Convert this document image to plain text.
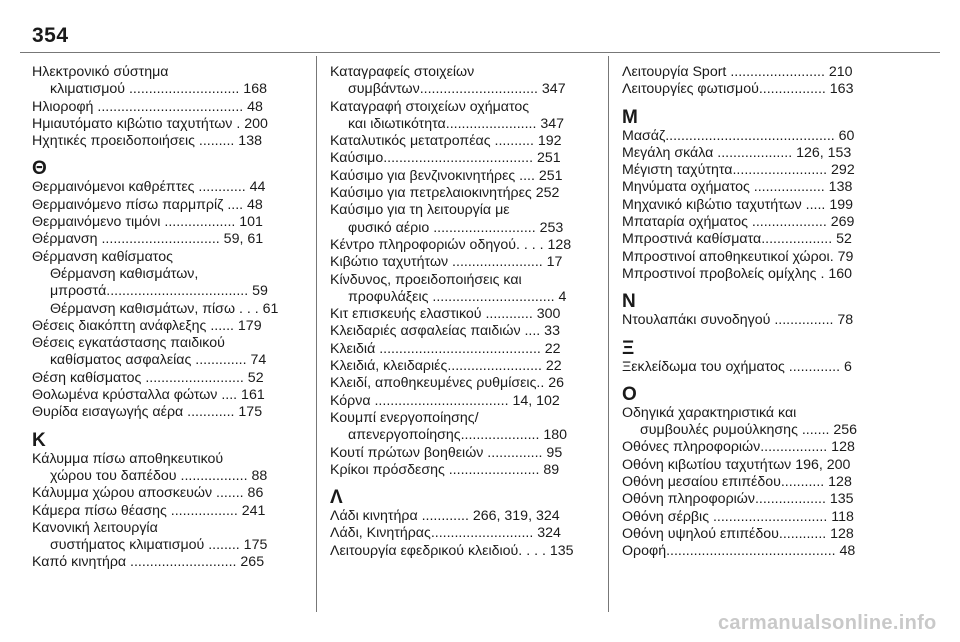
354
Ηλεκτρονικό σύστημα
κλιματισμού ............................ 168
Ηλιοροφή ..................................... 48
Ημιαυτόματο κιβώτιο ταχυτήτων . 200
Ηχητικές προειδοποιήσεις ......... 138
Θ
Θερμαινόμενοι καθρέπτες ............ 44
Θερμαινόμενο πίσω παρμπρίζ .... 48
Θερμαινόμενο τιμόνι .................. 101
Θέρμανση .............................. 59, 61
Θέρμανση καθίσματος
Θέρμανση καθισμάτων,
μπροστά.................................... 59
Θέρμανση καθισμάτων, πίσω . . . 61
Θέσεις διακόπτη ανάφλεξης ...... 179
Θέσεις εγκατάστασης παιδικού
καθίσματος ασφαλείας ............. 74
Θέση καθίσματος ......................... 52
Θολωμένα κρύσταλλα φώτων .... 161
Θυρίδα εισαγωγής αέρα ............ 175
Κ
Κάλυμμα πίσω αποθηκευτικού
χώρου του δαπέδου ................. 88
Κάλυμμα χώρου αποσκευών ....... 86
Κάμερα πίσω θέασης ................. 241
Κανονική λειτουργία
συστήματος κλιματισμού ........ 175
Καπό κινητήρα ........................... 265
Καταγραφείς στοιχείων
συμβάντων.............................. 347
Καταγραφή στοιχείων οχήματος
και ιδιωτικότητα....................... 347
Καταλυτικός μετατροπέας .......... 192
Καύσιμο...................................... 251
Καύσιμο για βενζινοκινητήρες .... 251
Καύσιμο για πετρελαιοκινητήρες 252
Καύσιμο για τη λειτουργία με
φυσικό αέριο .......................... 253
Κέντρο πληροφοριών οδηγού. . . . 128
Κιβώτιο ταχυτήτων ....................... 17
Κίνδυνος, προειδοποιήσεις και
προφυλάξεις ............................... 4
Κιτ επισκευής ελαστικού ............ 300
Κλειδαριές ασφαλείας παιδιών .... 33
Κλειδιά ......................................... 22
Κλειδιά, κλειδαριές........................ 22
Κλειδί, αποθηκευμένες ρυθμίσεις.. 26
Κόρνα .................................. 14, 102
Κουμπί ενεργοποίησης/
απενεργοποίησης.................... 180
Κουτί πρώτων βοηθειών .............. 95
Κρίκοι πρόσδεσης ....................... 89
Λ
Λάδι κινητήρα ............ 266, 319, 324
Λάδι, Κινητήρας.......................... 324
Λειτουργία εφεδρικού κλειδιού. . . . 135
Λειτουργία Sport ........................ 210
Λειτουργίες φωτισμού................. 163
Μ
Μασάζ........................................... 60
Μεγάλη σκάλα ................... 126, 153
Μέγιστη ταχύτητα........................ 292
Μηνύματα οχήματος .................. 138
Μηχανικό κιβώτιο ταχυτήτων ..... 199
Μπαταρία οχήματος ................... 269
Μπροστινά καθίσματα.................. 52
Μπροστινοί αποθηκευτικοί χώροι. 79
Μπροστινοί προβολείς ομίχλης . 160
Ν
Ντουλαπάκι συνοδηγού ............... 78
Ξ
Ξεκλείδωμα του οχήματος ............. 6
Ο
Οδηγικά χαρακτηριστικά και
συμβουλές ρυμούλκησης ....... 256
Οθόνες πληροφοριών................. 128
Οθόνη κιβωτίου ταχυτήτων 196, 200
Οθόνη μεσαίου επιπέδου........... 128
Οθόνη πληροφοριών.................. 135
Οθόνη σέρβις ............................. 118
Οθόνη υψηλού επιπέδου............ 128
Οροφή........................................... 48
carmanualsonline.info
